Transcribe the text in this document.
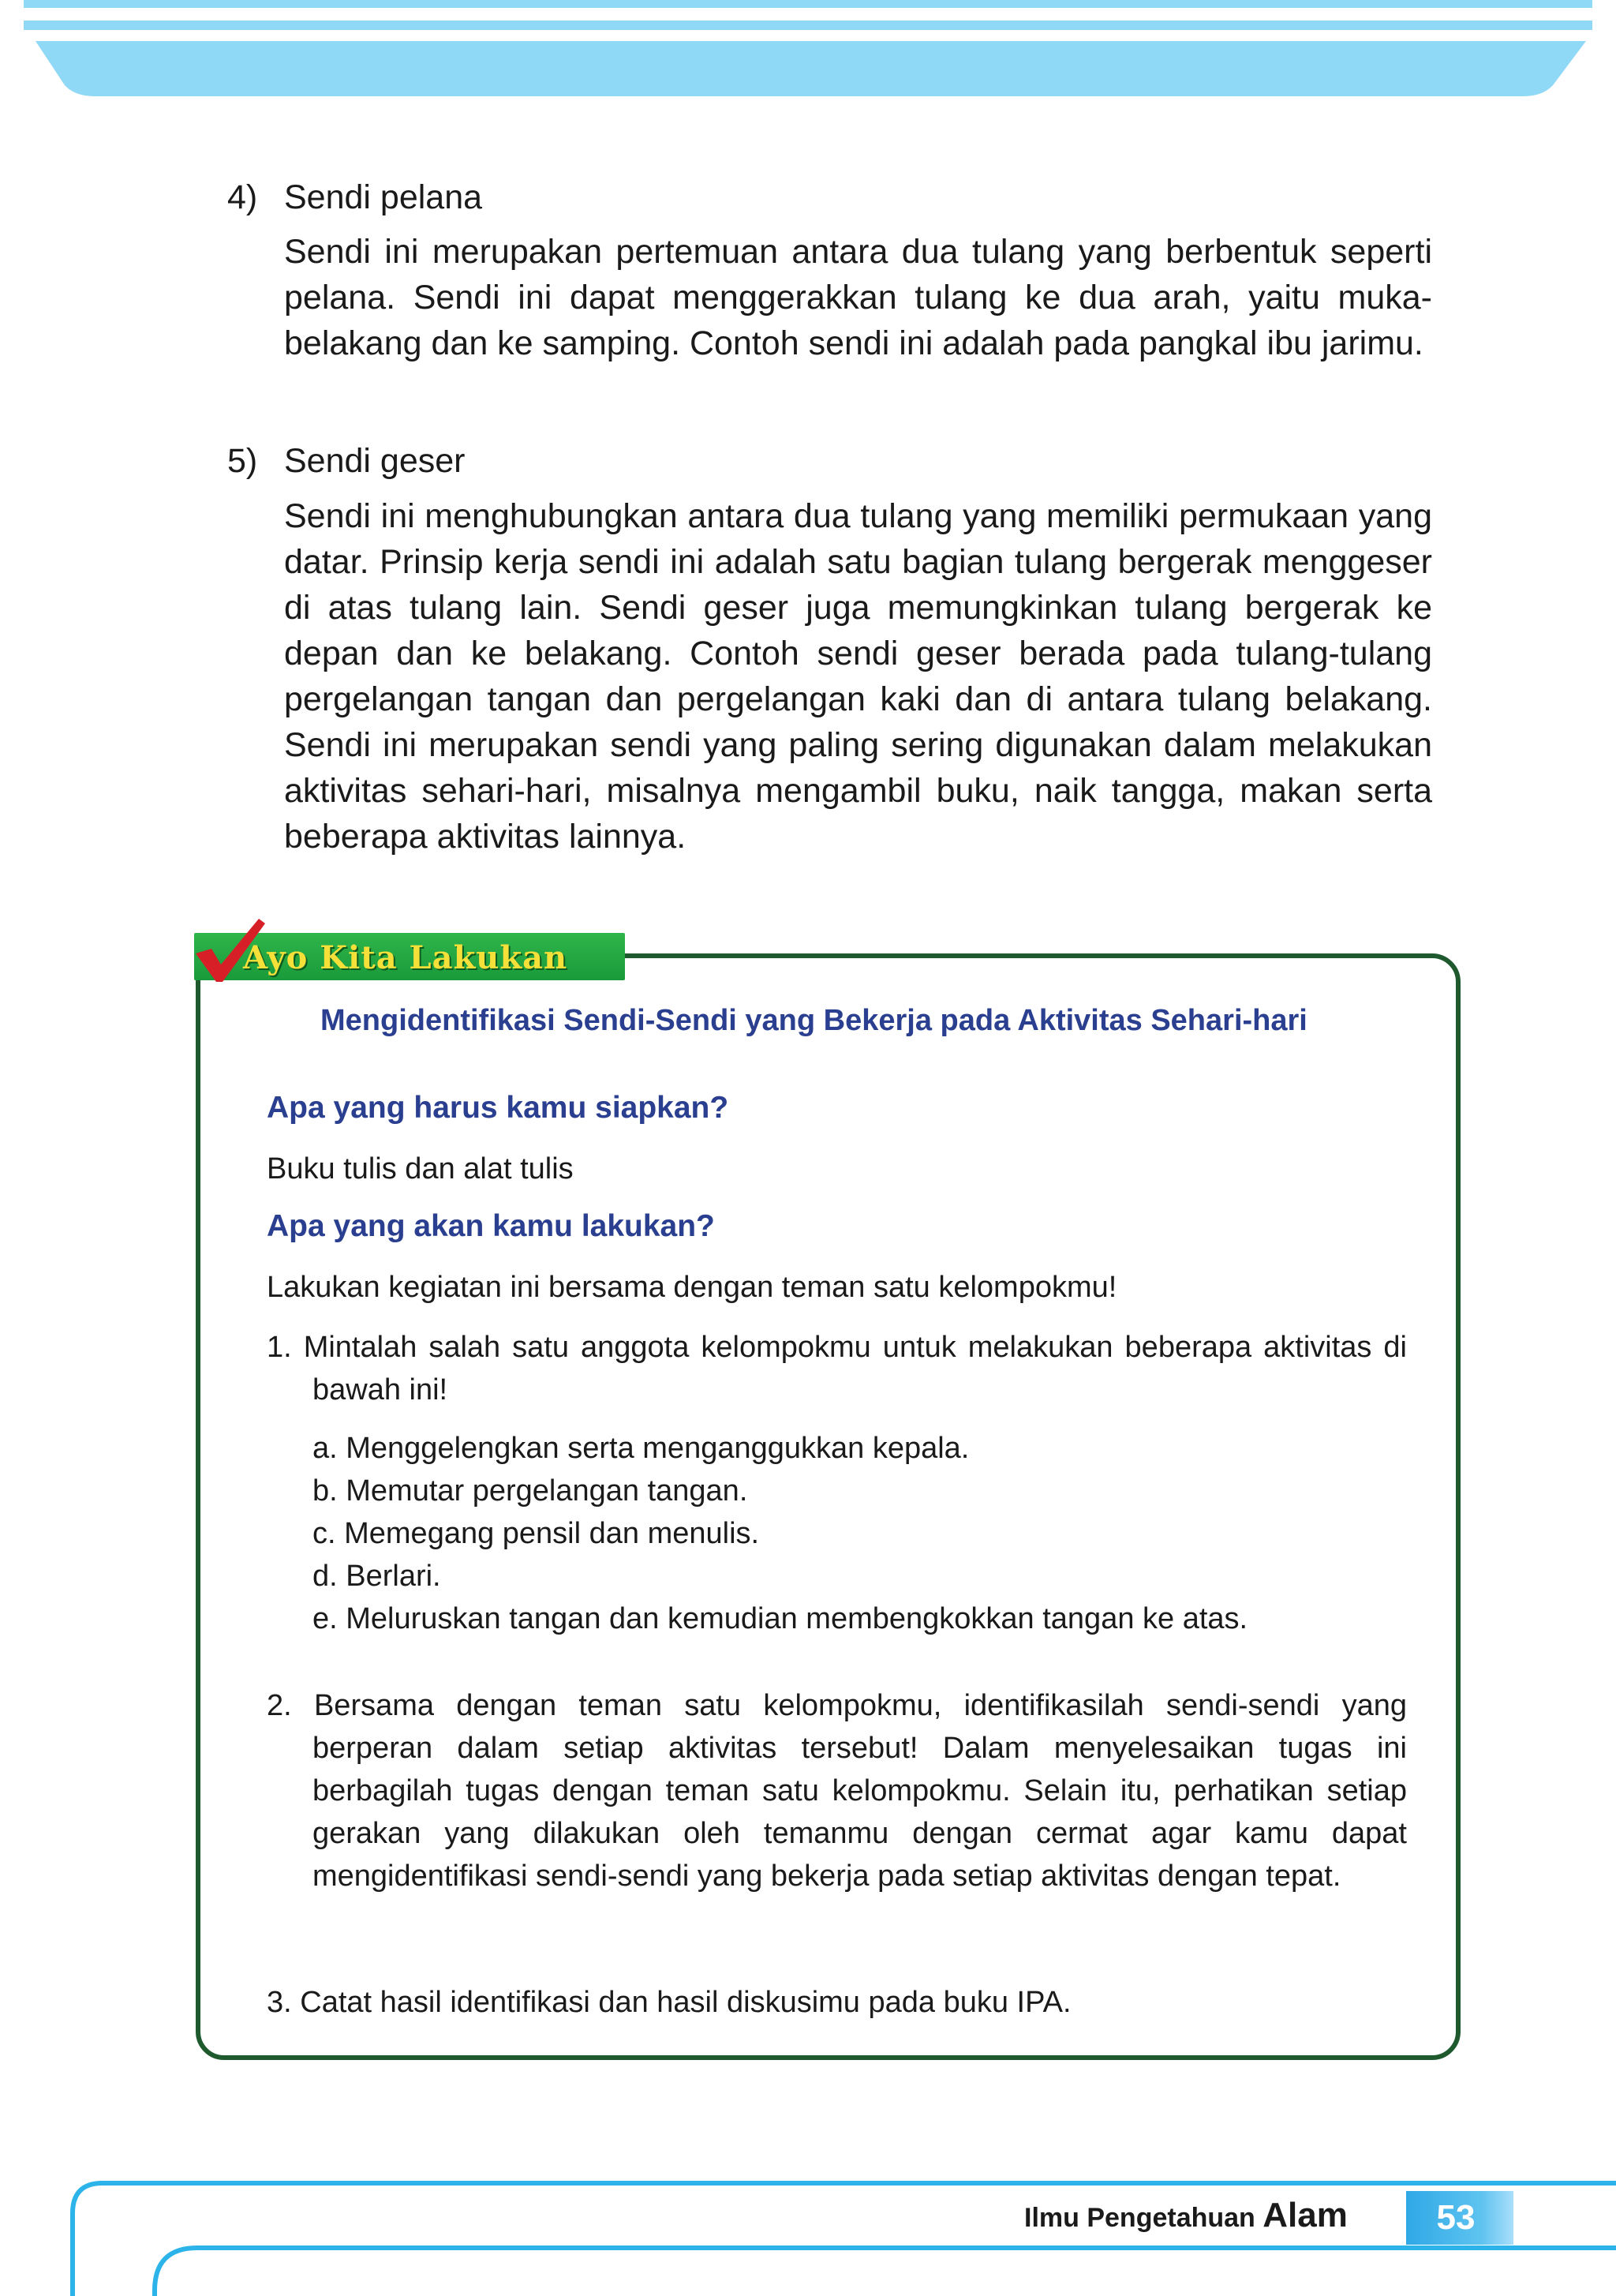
4) Sendi pelana

Sendi ini merupakan pertemuan antara dua tulang yang berbentuk seperti pelana. Sendi ini dapat menggerakkan tulang ke dua arah, yaitu muka-belakang dan ke samping. Contoh sendi ini adalah pada pangkal ibu jarimu.

5) Sendi geser

Sendi ini menghubungkan antara dua tulang yang memiliki permukaan yang datar. Prinsip kerja sendi ini adalah satu bagian tulang bergerak menggeser di atas tulang lain. Sendi geser juga memungkinkan tulang bergerak ke depan dan ke belakang. Contoh sendi geser berada pada tulang-tulang pergelangan tangan dan pergelangan kaki dan di antara tulang belakang. Sendi ini merupakan sendi yang paling sering digunakan dalam melakukan aktivitas sehari-hari, misalnya mengambil buku, naik tangga, makan serta beberapa aktivitas lainnya.

Ayo Kita Lakukan
Mengidentifikasi Sendi-Sendi yang Bekerja pada Aktivitas Sehari-hari
Apa yang harus kamu siapkan?
Buku tulis dan alat tulis
Apa yang akan kamu lakukan?
Lakukan kegiatan ini bersama dengan teman satu kelompokmu!

1. Mintalah salah satu anggota kelompokmu untuk melakukan beberapa aktivitas di bawah ini!

a. Menggelengkan serta menganggukkan kepala.
b. Memutar pergelangan tangan.
c. Memegang pensil dan menulis.
d. Berlari.
e. Meluruskan tangan dan kemudian membengkokkan tangan ke atas.

2. Bersama dengan teman satu kelompokmu, identifikasilah sendi-sendi yang berperan dalam setiap aktivitas tersebut! Dalam menyelesaikan tugas ini berbagilah tugas dengan teman satu kelompokmu. Selain itu, perhatikan setiap gerakan yang dilakukan oleh temanmu dengan cermat agar kamu dapat mengidentifikasi sendi-sendi yang bekerja pada setiap aktivitas dengan tepat.

3. Catat hasil identifikasi dan hasil diskusimu pada buku IPA.

Ilmu Pengetahuan Alam	53
